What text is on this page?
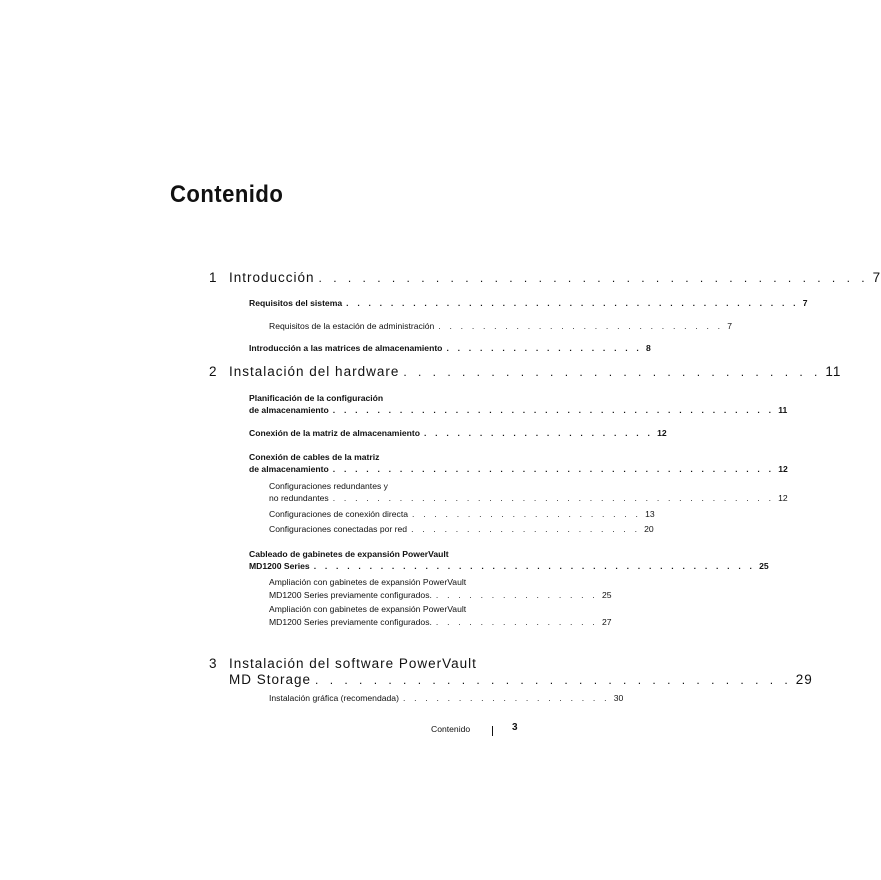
Contenido
1 Introducción . . . . . . . . . . . . . . . . . . . . . . . . . . . . . . . . . . . . . . 7
Requisitos del sistema . . . . . . . . . . . . . . . . . . . . . . . . . . . . . . . . . . . . . . . . . 7
Requisitos de la estación de administración . . . . . . . . . . . . . . . . . . . . . . . . . . 7
Introducción a las matrices de almacenamiento . . . . . . . . . . . . . . . . . . 8
2 Instalación del hardware . . . . . . . . . . . . . . . . . . . . . . . . . . . . . 11
Planificación de la configuración
de almacenamiento . . . . . . . . . . . . . . . . . . . . . . . . . . . . . . . . . . . . . . . . 11
Conexión de la matriz de almacenamiento . . . . . . . . . . . . . . . . . . . . . 12
Conexión de cables de la matriz
de almacenamiento . . . . . . . . . . . . . . . . . . . . . . . . . . . . . . . . . . . . . . . . 12
Configuraciones redundantes y
no redundantes . . . . . . . . . . . . . . . . . . . . . . . . . . . . . . . . . . . . . . . . 12
Configuraciones de conexión directa . . . . . . . . . . . . . . . . . . . . . 13
Configuraciones conectadas por red . . . . . . . . . . . . . . . . . . . . . 20
Cableado de gabinetes de expansión PowerVault
MD1200 Series . . . . . . . . . . . . . . . . . . . . . . . . . . . . . . . . . . . . . . . . 25
Ampliación con gabinetes de expansión PowerVault
MD1200 Series previamente configurados. . . . . . . . . . . . . . . . 25
Ampliación con gabinetes de expansión PowerVault
MD1200 Series previamente configurados. . . . . . . . . . . . . . . . 27
3 Instalación del software PowerVault
MD Storage . . . . . . . . . . . . . . . . . . . . . . . . . . . . . . . . . 29
Instalación gráfica (recomendada) . . . . . . . . . . . . . . . . . . . 30
Contenido	3
